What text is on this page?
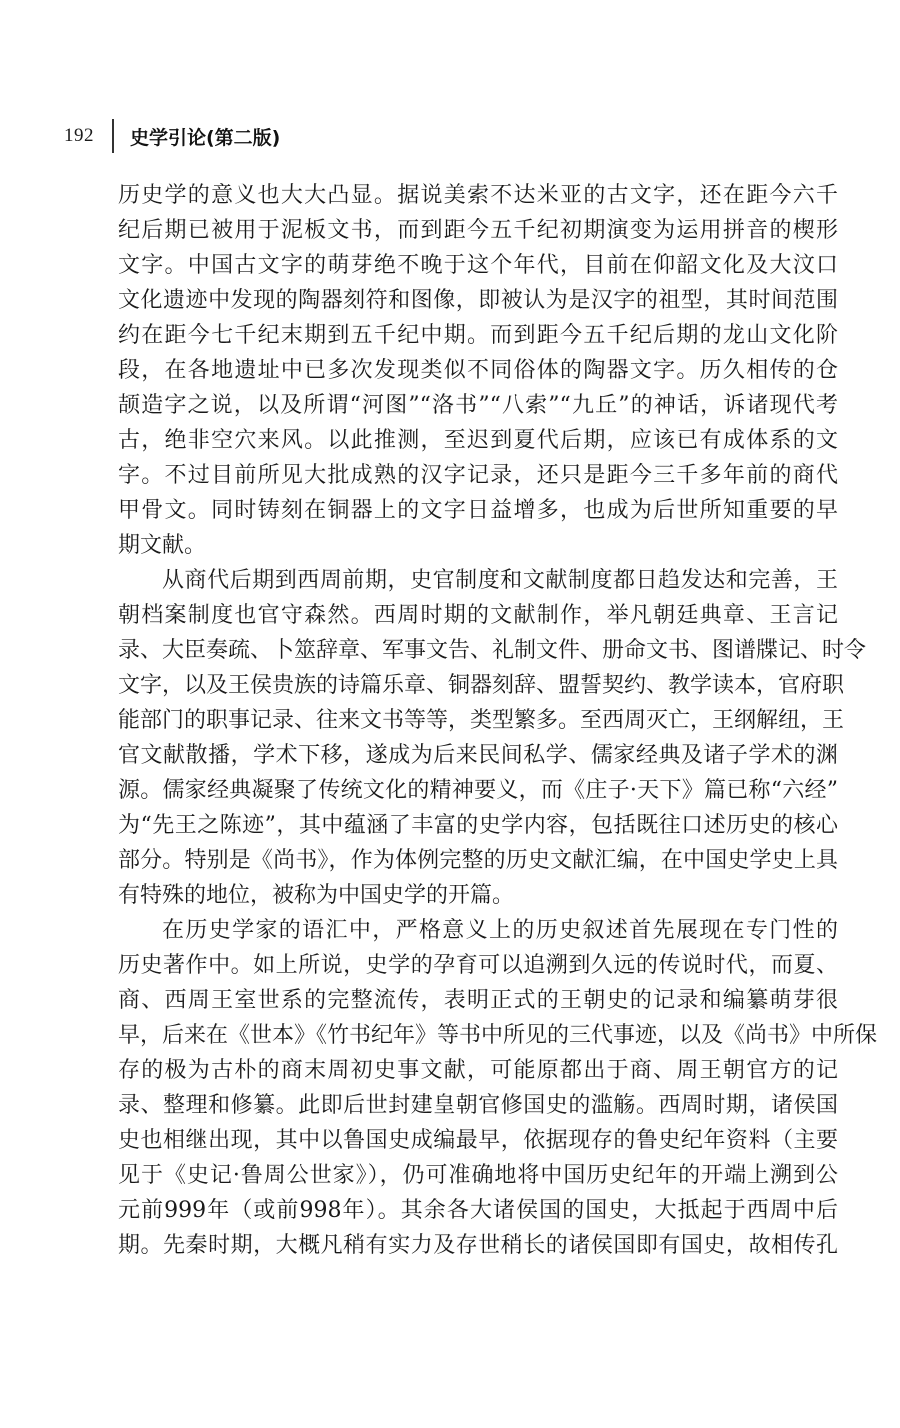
192 史学引论(第二版)
历史学的意义也大大凸显。据说美索不达米亚的古文字，还在距今六千
纪后期已被用于泥板文书，而到距今五千纪初期演变为运用拼音的楔形
文字。中国古文字的萌芽绝不晚于这个年代，目前在仰韶文化及大汶口
文化遗迹中发现的陶器刻符和图像，即被认为是汉字的祖型，其时间范围
约在距今七千纪末期到五千纪中期。而到距今五千纪后期的龙山文化阶
段，在各地遗址中已多次发现类似不同俗体的陶器文字。历久相传的仓
颉造字之说，以及所谓“河图”“洛书”“八索”“九丘”的神话，诉诸现代考
古，绝非空穴来风。以此推测，至迟到夏代后期，应该已有成体系的文
字。不过目前所见大批成熟的汉字记录，还只是距今三千多年前的商代
甲骨文。同时铸刻在铜器上的文字日益增多，也成为后世所知重要的早
期文献。
从商代后期到西周前期，史官制度和文献制度都日趋发达和完善，王
朝档案制度也官守森然。西周时期的文献制作，举凡朝廷典章、王言记
录、大臣奏疏、卜筮辞章、军事文告、礼制文件、册命文书、图谱牒记、时令
文字，以及王侯贵族的诗篇乐章、铜器刻辞、盟誓契约、教学读本，官府职
能部门的职事记录、往来文书等等，类型繁多。至西周灭亡，王纲解纽，王
官文献散播，学术下移，遂成为后来民间私学、儒家经典及诸子学术的渊
源。儒家经典凝聚了传统文化的精神要义，而《庄子·天下》篇已称“六经”
为“先王之陈迹”，其中蕴涵了丰富的史学内容，包括既往口述历史的核心
部分。特别是《尚书》，作为体例完整的历史文献汇编，在中国史学史上具
有特殊的地位，被称为中国史学的开篇。
在历史学家的语汇中，严格意义上的历史叙述首先展现在专门性的
历史著作中。如上所说，史学的孕育可以追溯到久远的传说时代，而夏、
商、西周王室世系的完整流传，表明正式的王朝史的记录和编纂萌芽很
早，后来在《世本》《竹书纪年》等书中所见的三代事迹，以及《尚书》中所保
存的极为古朴的商末周初史事文献，可能原都出于商、周王朝官方的记
录、整理和修纂。此即后世封建皇朝官修国史的滥觞。西周时期，诸侯国
史也相继出现，其中以鲁国史成编最早，依据现存的鲁史纪年资料（主要
见于《史记·鲁周公世家》），仍可准确地将中国历史纪年的开端上溯到公
元前999年（或前998年）。其余各大诸侯国的国史，大抵起于西周中后
期。先秦时期，大概凡稍有实力及存世稍长的诸侯国即有国史，故相传孔
